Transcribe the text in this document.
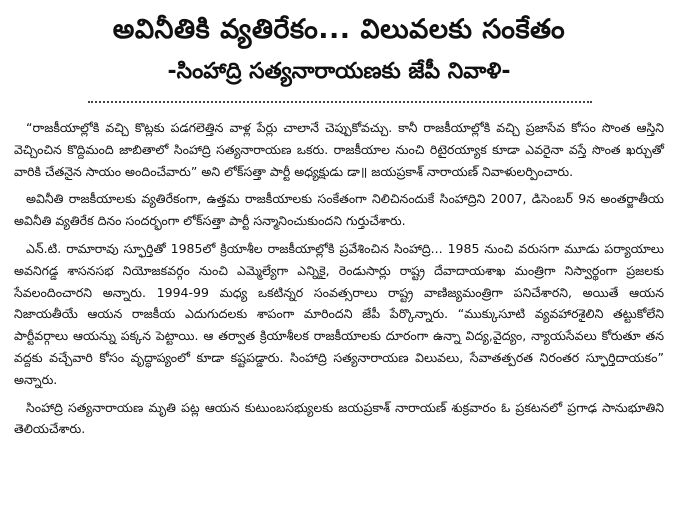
అవినీతికి వ్యతిరేకం... విలువలకు సంకేతం
-సింహాద్రి సత్యనారాయణకు జేపీ నివాళి-

“రాజకీయాల్లోకి వచ్చి కొట్లకు పడగలెత్తిన వాళ్ల పేర్లు చాలానే చెప్పుకోవచ్చు. కానీ రాజకీయాల్లోకి వచ్చి ప్రజాసేవ కోసం సొంత ఆస్తిని వెచ్చించిన కొద్దిమంది జాబితాలో సింహాద్రి సత్యనారాయణ ఒకరు. రాజకీయాల నుంచి రిటైరయ్యాక కూడా ఎవరైనా వస్తే సొంత ఖర్చుతో వారికి చేతనైన సాయం అందించేవారు” అని లోక్‌సత్తా పార్టీ అధ్యక్షుడు డా॥ జయప్రకాశ్ నారాయణ్ నివాళులర్పించారు.

అవినీతి రాజకీయాలకు వ్యతిరేకంగా, ఉత్తమ రాజకీయాలకు సంకేతంగా నిలిచినందుకే సింహాద్రిని 2007, డిసెంబర్ 9న అంతర్జాతీయ అవినీతి వ్యతిరేక దినం సందర్భంగా లోక్‌సత్తా పార్టీ సన్మానించుకుందని గుర్తుచేశారు.

ఎన్.టి. రామారావు స్ఫూర్తితో 1985లో క్రియాశీల రాజకీయాల్లోకి ప్రవేశించిన సింహాద్రి... 1985 నుంచి వరుసగా మూడు పర్యాయాలు అవనిగడ్డ శాసనసభ నియోజకవర్గం నుంచి ఎమ్మెల్యేగా ఎన్నికై, రెండుసార్లు రాష్ట్ర దేవాదాయశాఖ మంత్రిగా నిస్వార్థంగా ప్రజలకు సేవలందించారని అన్నారు. 1994-99 మధ్య ఒకటిన్నర సంవత్సరాలు రాష్ట్ర వాణిజ్యమంత్రిగా పనిచేశారని, అయితే ఆయన నిజాయతీయే ఆయన రాజకీయ ఎదుగుదలకు శాపంగా మారిందని జేపీ పేర్కొన్నారు. “ముక్కుసూటి వ్యవహారశైలిని తట్టుకోలేని పార్టీవర్గాలు ఆయన్ను పక్కన పెట్టాయి. ఆ తర్వాత క్రియాశీలక రాజకీయాలకు దూరంగా ఉన్నా విద్య,వైద్యం, న్యాయసేవలు కోరుతూ తన వద్దకు వచ్చేవారి కోసం వృద్ధాప్యంలో కూడా కష్టపడ్డారు. సింహాద్రి సత్యనారాయణ విలువలు, సేవాతత్పరత నిరంతర స్ఫూర్తిదాయకం” అన్నారు.

సింహాద్రి సత్యనారాయణ మృతి పట్ల ఆయన కుటుంబసభ్యులకు జయప్రకాశ్ నారాయణ్ శుక్రవారం ఓ ప్రకటనలో ప్రగాఢ సానుభూతిని తెలియచేశారు.
